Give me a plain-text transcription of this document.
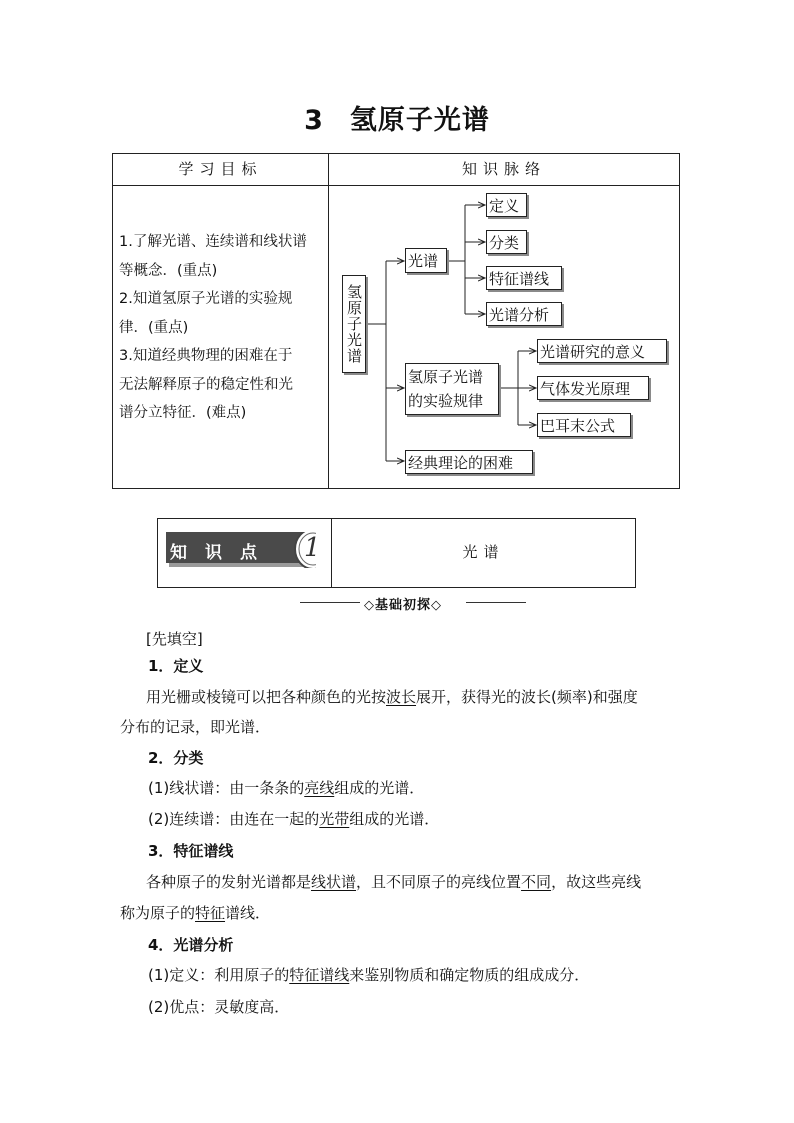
3 氢原子光谱
学习目标	知识脉络

1.了解光谱、连续谱和线状谱

等概念．(重点)

2.知道氢原子光谱的实验规

律．(重点)

3.知道经典物理的困难在于

无法解释原子的稳定性和光

谱分立特征．(难点)

氢原子光谱
光谱
定义
分类
特征谱线
光谱分析
氢原子光谱
的实验规律
光谱研究的意义
气体发光原理
巴耳末公式
经典理论的困难
知识点 1	光谱
◇基础初探◇
[先填空]
1．定义
用光栅或棱镜可以把各种颜色的光按波长展开，获得光的波长(频率)和强度
分布的记录，即光谱．
2．分类
(1)线状谱：由一条条的亮线组成的光谱．
(2)连续谱：由连在一起的光带组成的光谱．
3．特征谱线
各种原子的发射光谱都是线状谱，且不同原子的亮线位置不同，故这些亮线
称为原子的特征谱线．
4．光谱分析
(1)定义：利用原子的特征谱线来鉴别物质和确定物质的组成成分．
(2)优点：灵敏度高．
